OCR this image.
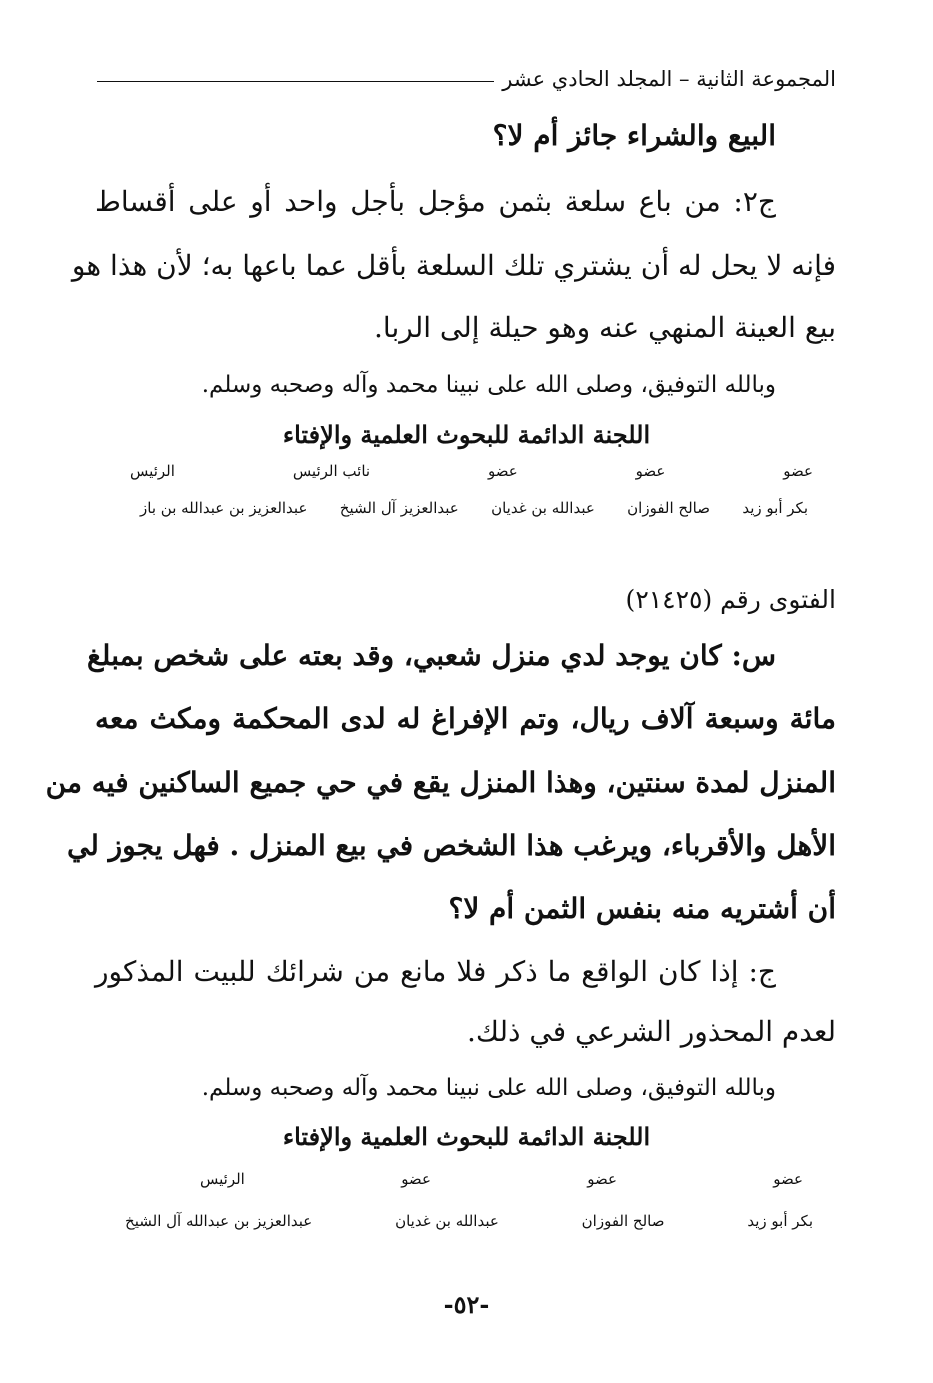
المجموعة الثانية – المجلد الحادي عشر
البيع والشراء جائز أم لا؟
ج٢: من باع سلعة بثمن مؤجل بأجل واحد أو على أقساط
فإنه لا يحل له أن يشتري تلك السلعة بأقل عما باعها به؛ لأن هذا هو
بيع العينة المنهي عنه وهو حيلة إلى الربا.
وبالله التوفيق، وصلى الله على نبينا محمد وآله وصحبه وسلم.
اللجنة الدائمة للبحوث العلمية والإفتاء
عضو
عضو
عضو
نائب الرئيس
الرئيس
بكر أبو زيد
صالح الفوزان
عبدالله بن غديان
عبدالعزيز آل الشيخ
عبدالعزيز بن عبدالله بن باز
الفتوى رقم (٢١٤٢٥)
س: كان يوجد لدي منزل شعبي، وقد بعته على شخص بمبلغ
مائة وسبعة آلاف ريال، وتم الإفراغ له لدى المحكمة ومكث معه
المنزل لمدة سنتين، وهذا المنزل يقع في حي جميع الساكنين فيه من
الأهل والأقرباء، ويرغب هذا الشخص في بيع المنزل . فهل يجوز لي
أن أشتريه منه بنفس الثمن أم لا؟
ج: إذا كان الواقع ما ذكر فلا مانع من شرائك للبيت المذكور
لعدم المحذور الشرعي في ذلك.
وبالله التوفيق، وصلى الله على نبينا محمد وآله وصحبه وسلم.
اللجنة الدائمة للبحوث العلمية والإفتاء
عضو
عضو
عضو
الرئيس
بكر أبو زيد
صالح الفوزان
عبدالله بن غديان
عبدالعزيز بن عبدالله آل الشيخ
-٥٢-
